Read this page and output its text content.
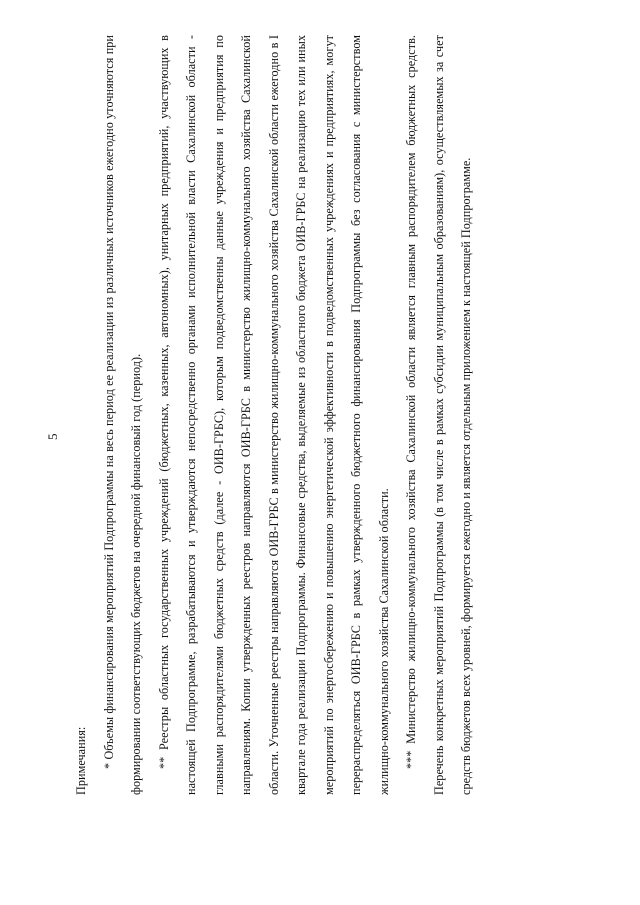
5

Примечания:	* Объемы финансирования мероприятий Подпрограммы на весь период ее реализации из различных источников ежегодно уточняются при формировании соответствующих бюджетов на очередной финансовый год (период).	** Реестры областных государственных учреждений (бюджетных, казенных, автономных), унитарных предприятий, участвующих в настоящей Подпрограмме, разрабатываются и утверждаются непосредственно органами исполнительной власти Сахалинской области - главными распорядителями бюджетных средств (далее - ОИВ-ГРБС), которым подведомственны данные учреждения и предприятия по направлениям. Копии утвержденных реестров направляются ОИВ-ГРБС в министерство жилищно-коммунального хозяйства Сахалинской области. Уточненные реестры направляются ОИВ-ГРБС в министерство жилищно-коммунального хозяйства Сахалинской области ежегодно в I квартале года реализации Подпрограммы. Финансовые средства, выделяемые из областного бюджета ОИВ-ГРБС на реализацию тех или иных мероприятий по энергосбережению и повышению энергетической эффективности в подведомственных учреждениях и предприятиях, могут перераспределяться ОИВ-ГРБС в рамках утвержденного бюджетного финансирования Подпрограммы без согласования с министерством жилищно-коммунального хозяйства Сахалинской области.	*** Министерство жилищно-коммунального хозяйства Сахалинской области является главным распорядителем бюджетных средств. Перечень конкретных мероприятий Подпрограммы (в том числе в рамках субсидии муниципальным образованиям), осуществляемых за счет средств бюджетов всех уровней, формируется ежегодно и является отдельным приложением к настоящей Подпрограмме.
